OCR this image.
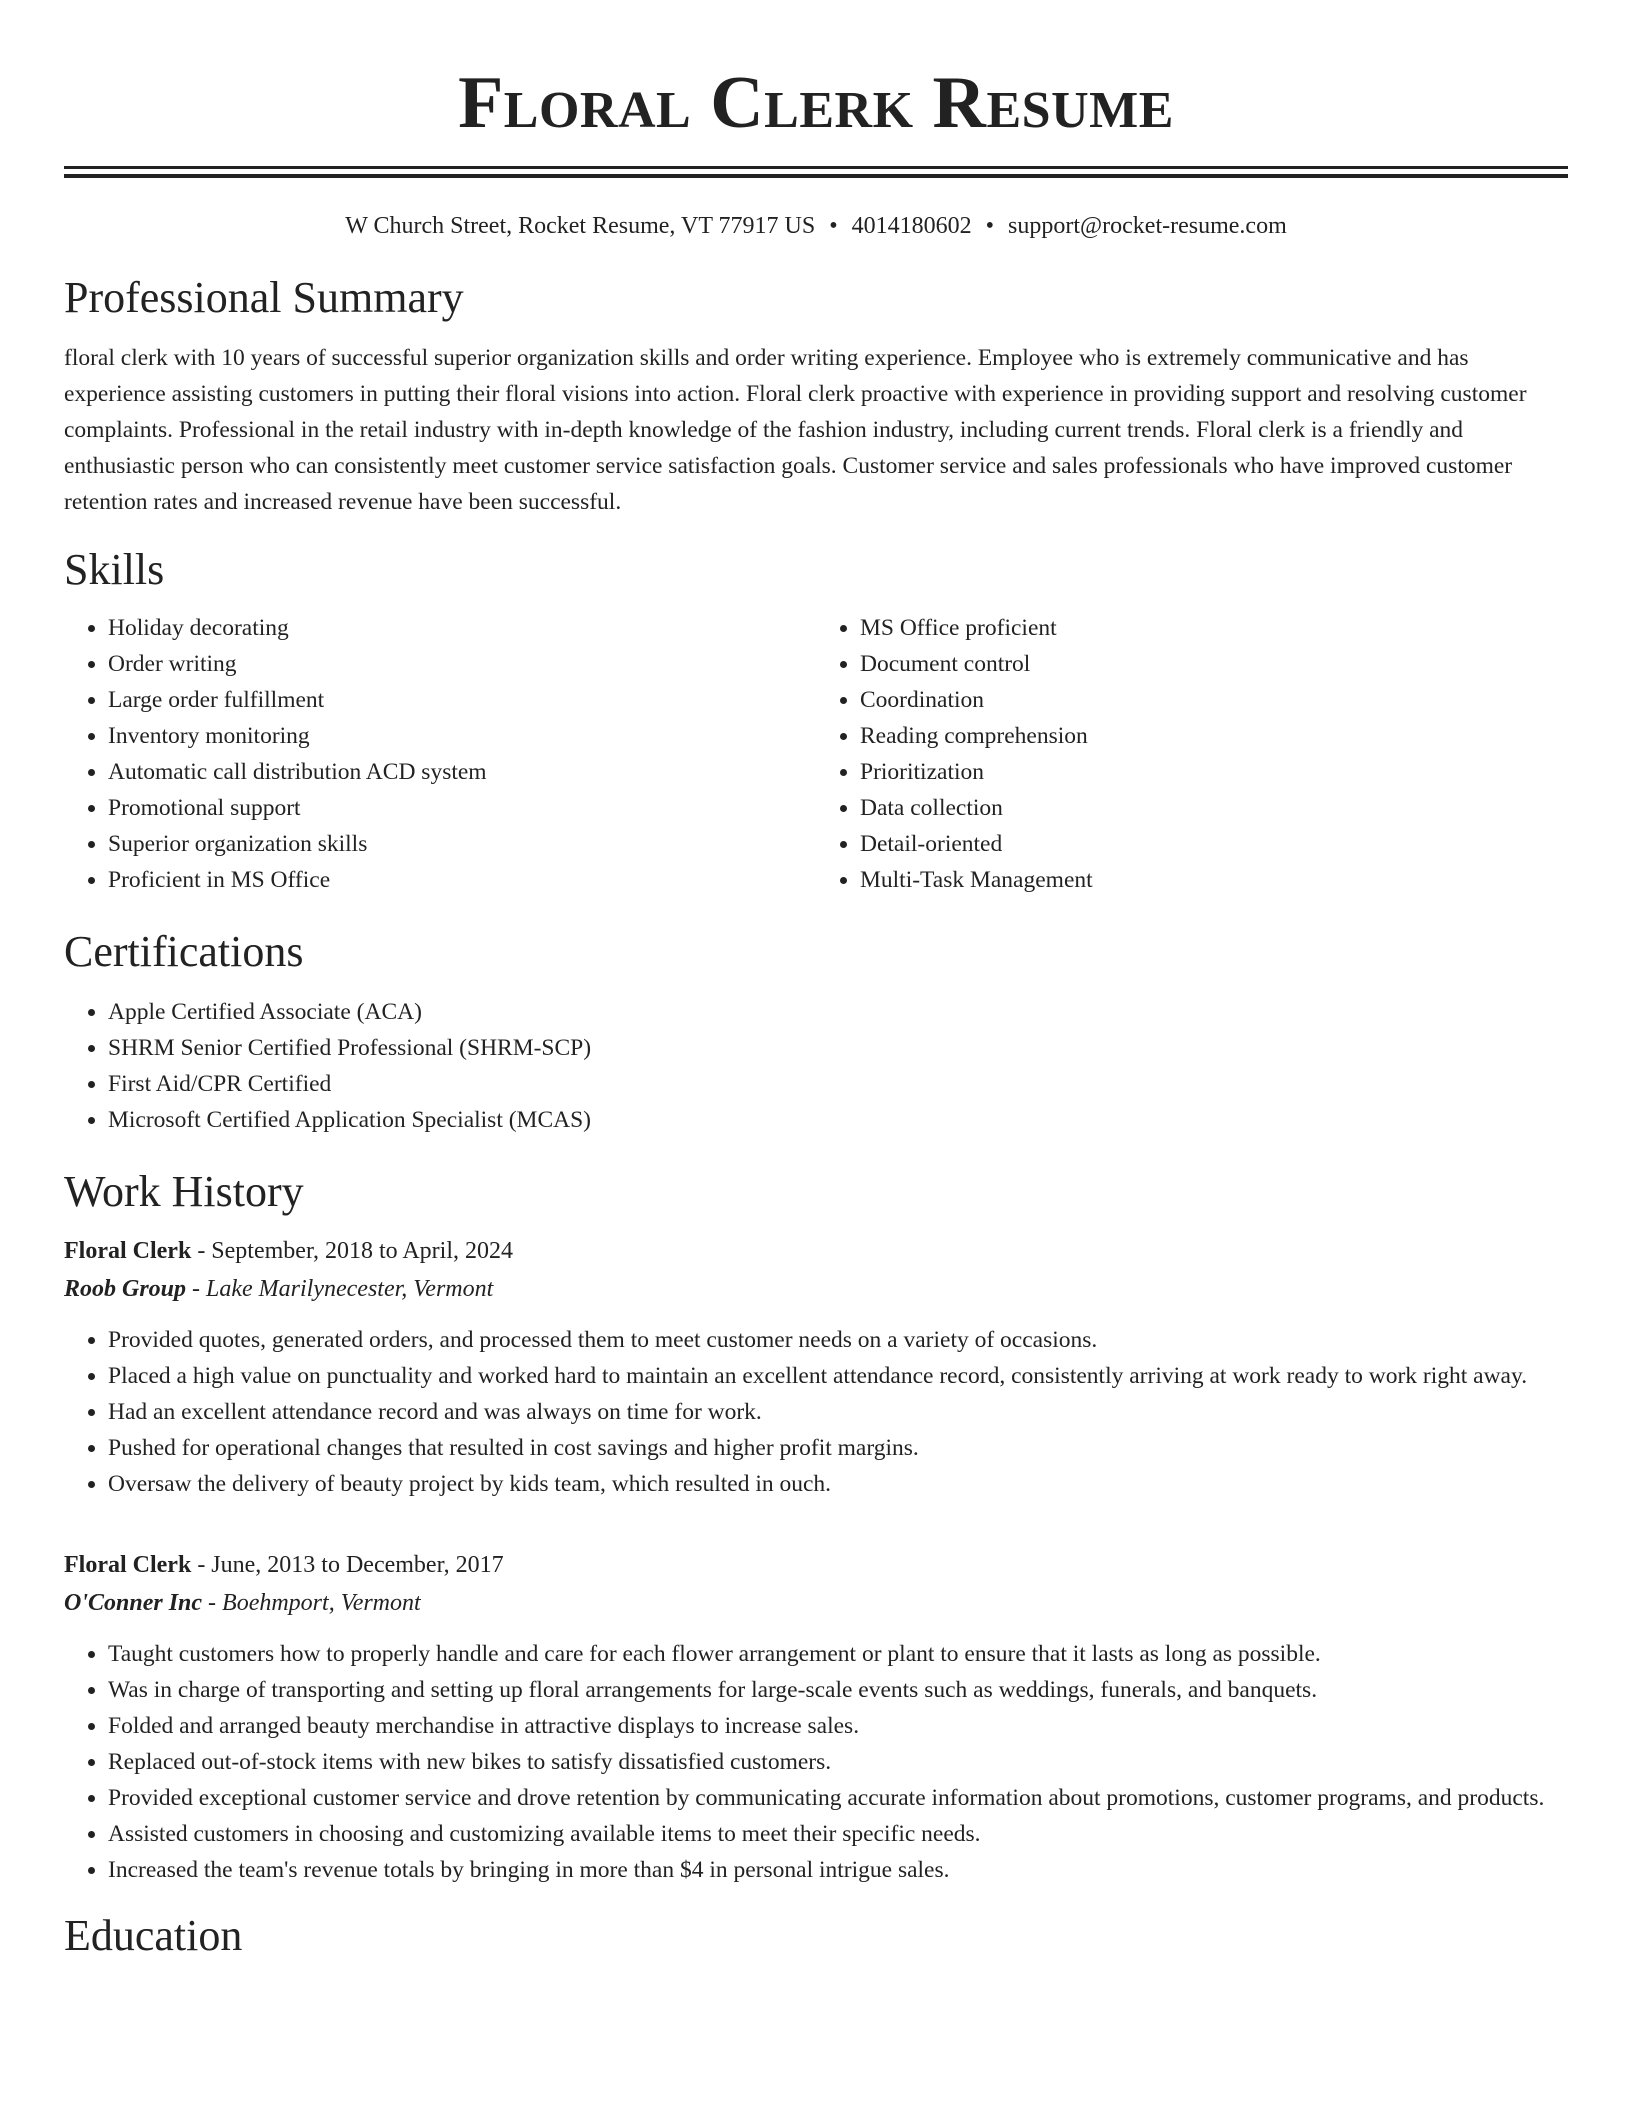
Floral Clerk Resume
W Church Street, Rocket Resume, VT 77917 US • 4014180602 • support@rocket-resume.com
Professional Summary

floral clerk with 10 years of successful superior organization skills and order writing experience. Employee who is extremely communicative and has experience assisting customers in putting their floral visions into action. Floral clerk proactive with experience in providing support and resolving customer complaints. Professional in the retail industry with in-depth knowledge of the fashion industry, including current trends. Floral clerk is a friendly and enthusiastic person who can consistently meet customer service satisfaction goals. Customer service and sales professionals who have improved customer retention rates and increased revenue have been successful.

Skills
• Holiday decorating
• Order writing
• Large order fulfillment
• Inventory monitoring
• Automatic call distribution ACD system
• Promotional support
• Superior organization skills
• Proficient in MS Office
• MS Office proficient
• Document control
• Coordination
• Reading comprehension
• Prioritization
• Data collection
• Detail-oriented
• Multi-Task Management
Certifications
• Apple Certified Associate (ACA)
• SHRM Senior Certified Professional (SHRM-SCP)
• First Aid/CPR Certified
• Microsoft Certified Application Specialist (MCAS)
Work History
Floral Clerk - September, 2018 to April, 2024
Roob Group - Lake Marilynecester, Vermont
• Provided quotes, generated orders, and processed them to meet customer needs on a variety of occasions.
• Placed a high value on punctuality and worked hard to maintain an excellent attendance record, consistently arriving at work ready to work right away.
• Had an excellent attendance record and was always on time for work.
• Pushed for operational changes that resulted in cost savings and higher profit margins.
• Oversaw the delivery of beauty project by kids team, which resulted in ouch.
Floral Clerk - June, 2013 to December, 2017
O'Conner Inc - Boehmport, Vermont
• Taught customers how to properly handle and care for each flower arrangement or plant to ensure that it lasts as long as possible.
• Was in charge of transporting and setting up floral arrangements for large-scale events such as weddings, funerals, and banquets.
• Folded and arranged beauty merchandise in attractive displays to increase sales.
• Replaced out-of-stock items with new bikes to satisfy dissatisfied customers.
• Provided exceptional customer service and drove retention by communicating accurate information about promotions, customer programs, and products.
• Assisted customers in choosing and customizing available items to meet their specific needs.
• Increased the team's revenue totals by bringing in more than $4 in personal intrigue sales.
Education
